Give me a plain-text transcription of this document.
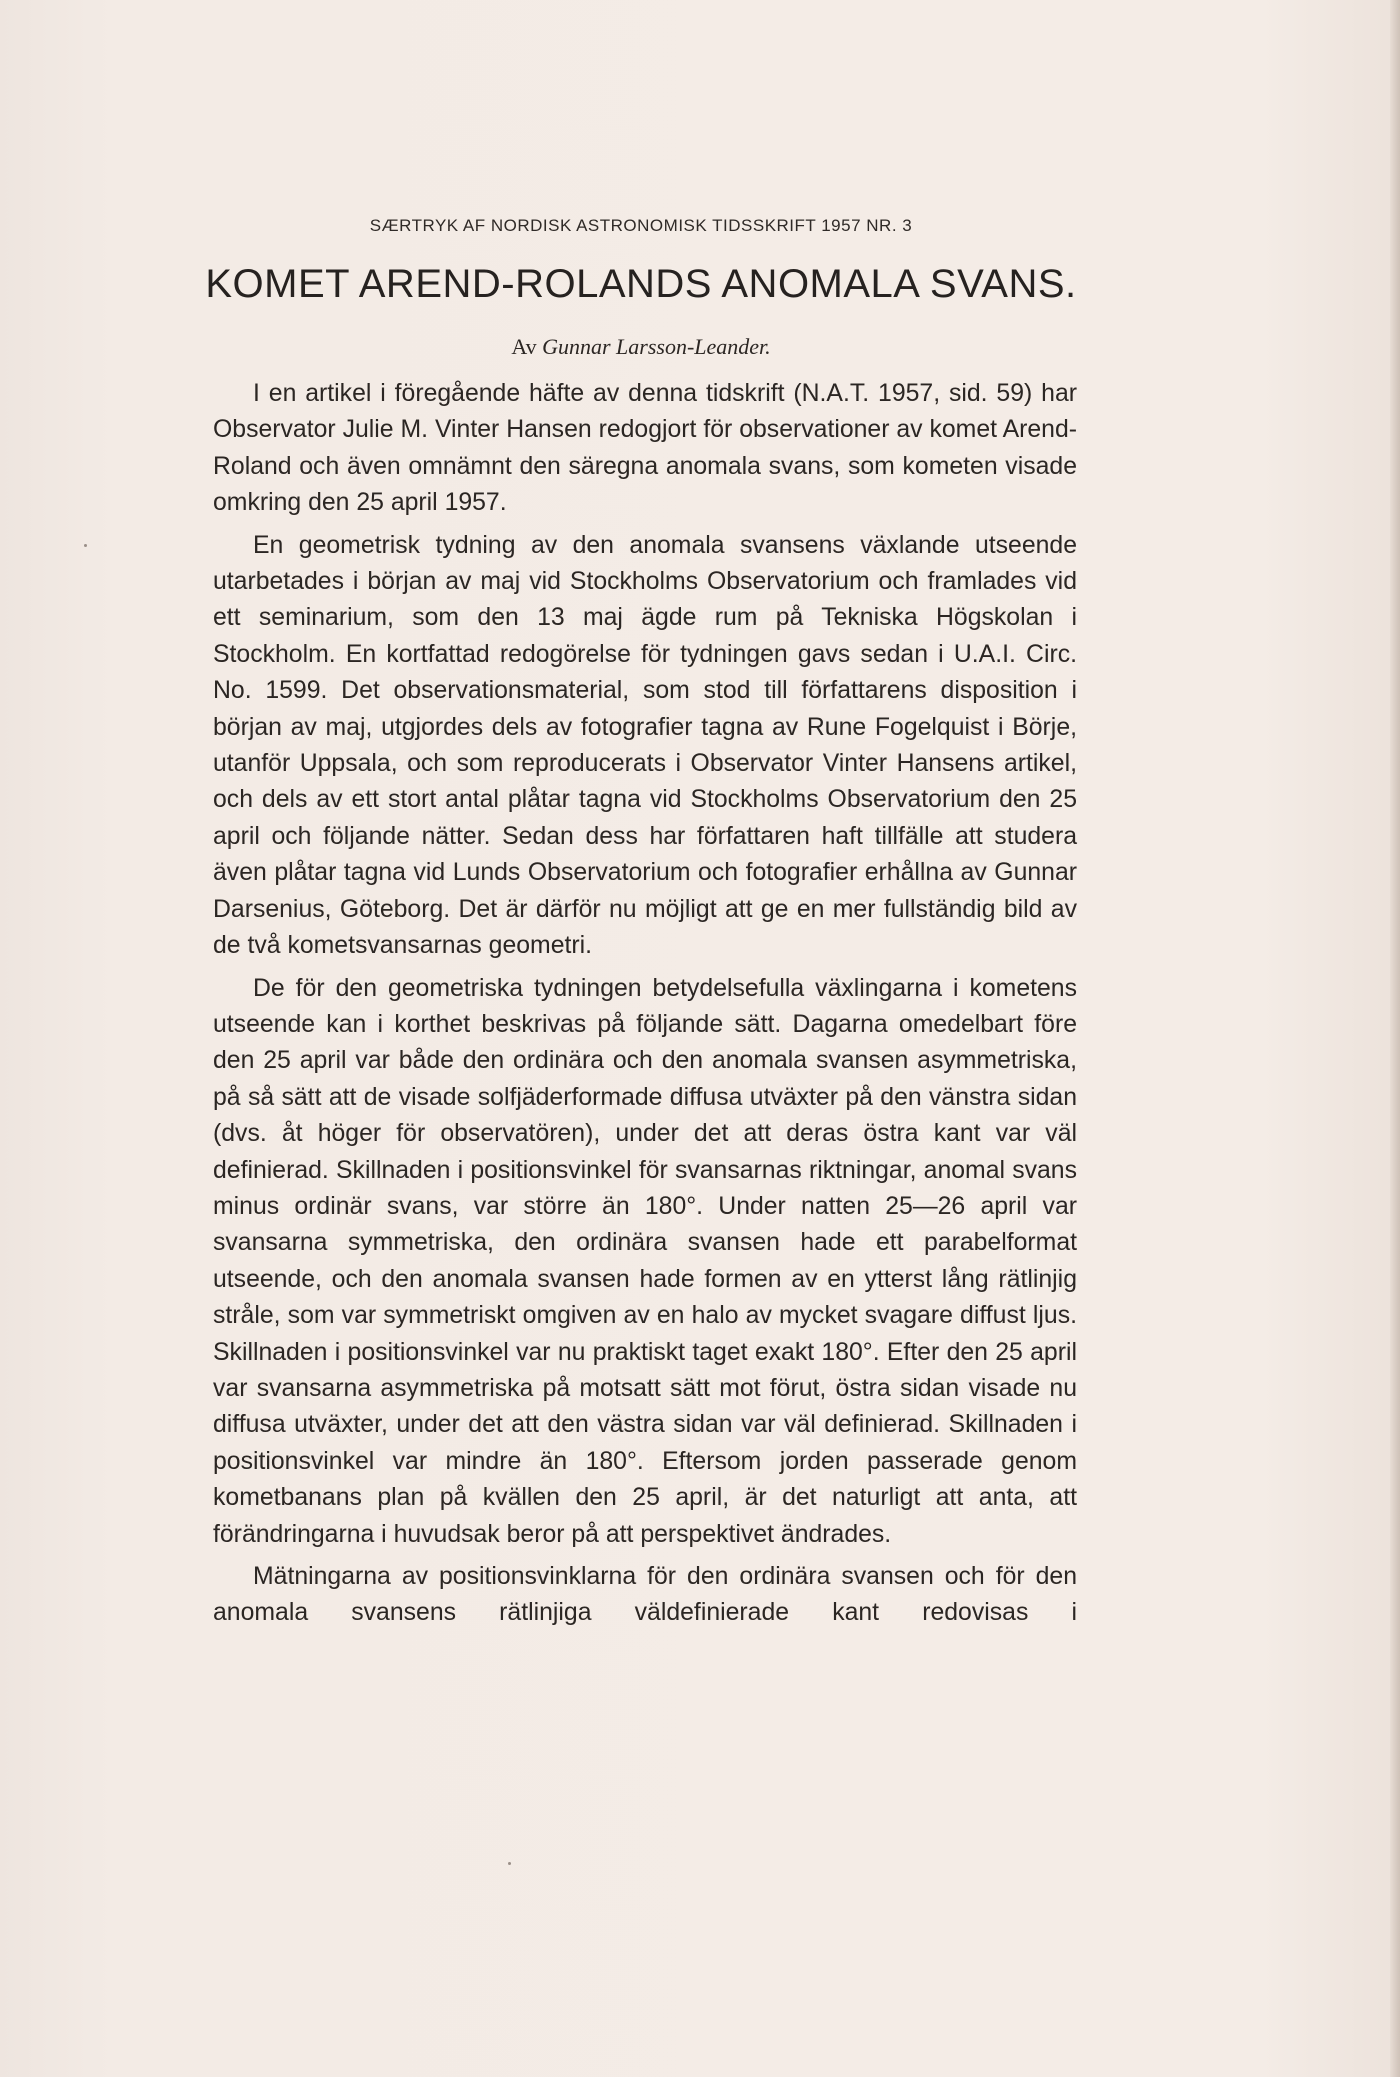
SÆRTRYK AF NORDISK ASTRONOMISK TIDSSKRIFT 1957 NR. 3
KOMET AREND-ROLANDS ANOMALA SVANS.
Av Gunnar Larsson-Leander.

I en artikel i föregående häfte av denna tidskrift (N.A.T. 1957, sid. 59) har Observator Julie M. Vinter Hansen redogjort för observationer av komet Arend-Roland och även omnämnt den säregna anomala svans, som kometen visade omkring den 25 april 1957.

En geometrisk tydning av den anomala svansens växlande utseende utarbetades i början av maj vid Stockholms Observatorium och framlades vid ett seminarium, som den 13 maj ägde rum på Tekniska Högskolan i Stockholm. En kortfattad redogörelse för tydningen gavs sedan i U.A.I. Circ. No. 1599. Det observationsmaterial, som stod till författarens disposition i början av maj, utgjordes dels av fotografier tagna av Rune Fogelquist i Börje, utanför Uppsala, och som reproducerats i Observator Vinter Hansens artikel, och dels av ett stort antal plåtar tagna vid Stockholms Observatorium den 25 april och följande nätter. Sedan dess har författaren haft tillfälle att studera även plåtar tagna vid Lunds Observatorium och fotografier erhållna av Gunnar Darsenius, Göteborg. Det är därför nu möjligt att ge en mer fullständig bild av de två kometsvansarnas geometri.

De för den geometriska tydningen betydelsefulla växlingarna i kometens utseende kan i korthet beskrivas på följande sätt. Dagarna omedelbart före den 25 april var både den ordinära och den anomala svansen asymmetriska, på så sätt att de visade solfjäderformade diffusa utväxter på den vänstra sidan (dvs. åt höger för observatören), under det att deras östra kant var väl definierad. Skillnaden i positionsvinkel för svansarnas riktningar, anomal svans minus ordinär svans, var större än 180°. Under natten 25—26 april var svansarna symmetriska, den ordinära svansen hade ett parabelformat utseende, och den anomala svansen hade formen av en ytterst lång rätlinjig stråle, som var symmetriskt omgiven av en halo av mycket svagare diffust ljus. Skillnaden i positionsvinkel var nu praktiskt taget exakt 180°. Efter den 25 april var svansarna asymmetriska på motsatt sätt mot förut, östra sidan visade nu diffusa utväxter, under det att den västra sidan var väl definierad. Skillnaden i positionsvinkel var mindre än 180°. Eftersom jorden passerade genom kometbanans plan på kvällen den 25 april, är det naturligt att anta, att förändringarna i huvudsak beror på att perspektivet ändrades.

Mätningarna av positionsvinklarna för den ordinära svansen och för den anomala svansens rätlinjiga väldefinierade kant redovisas i
